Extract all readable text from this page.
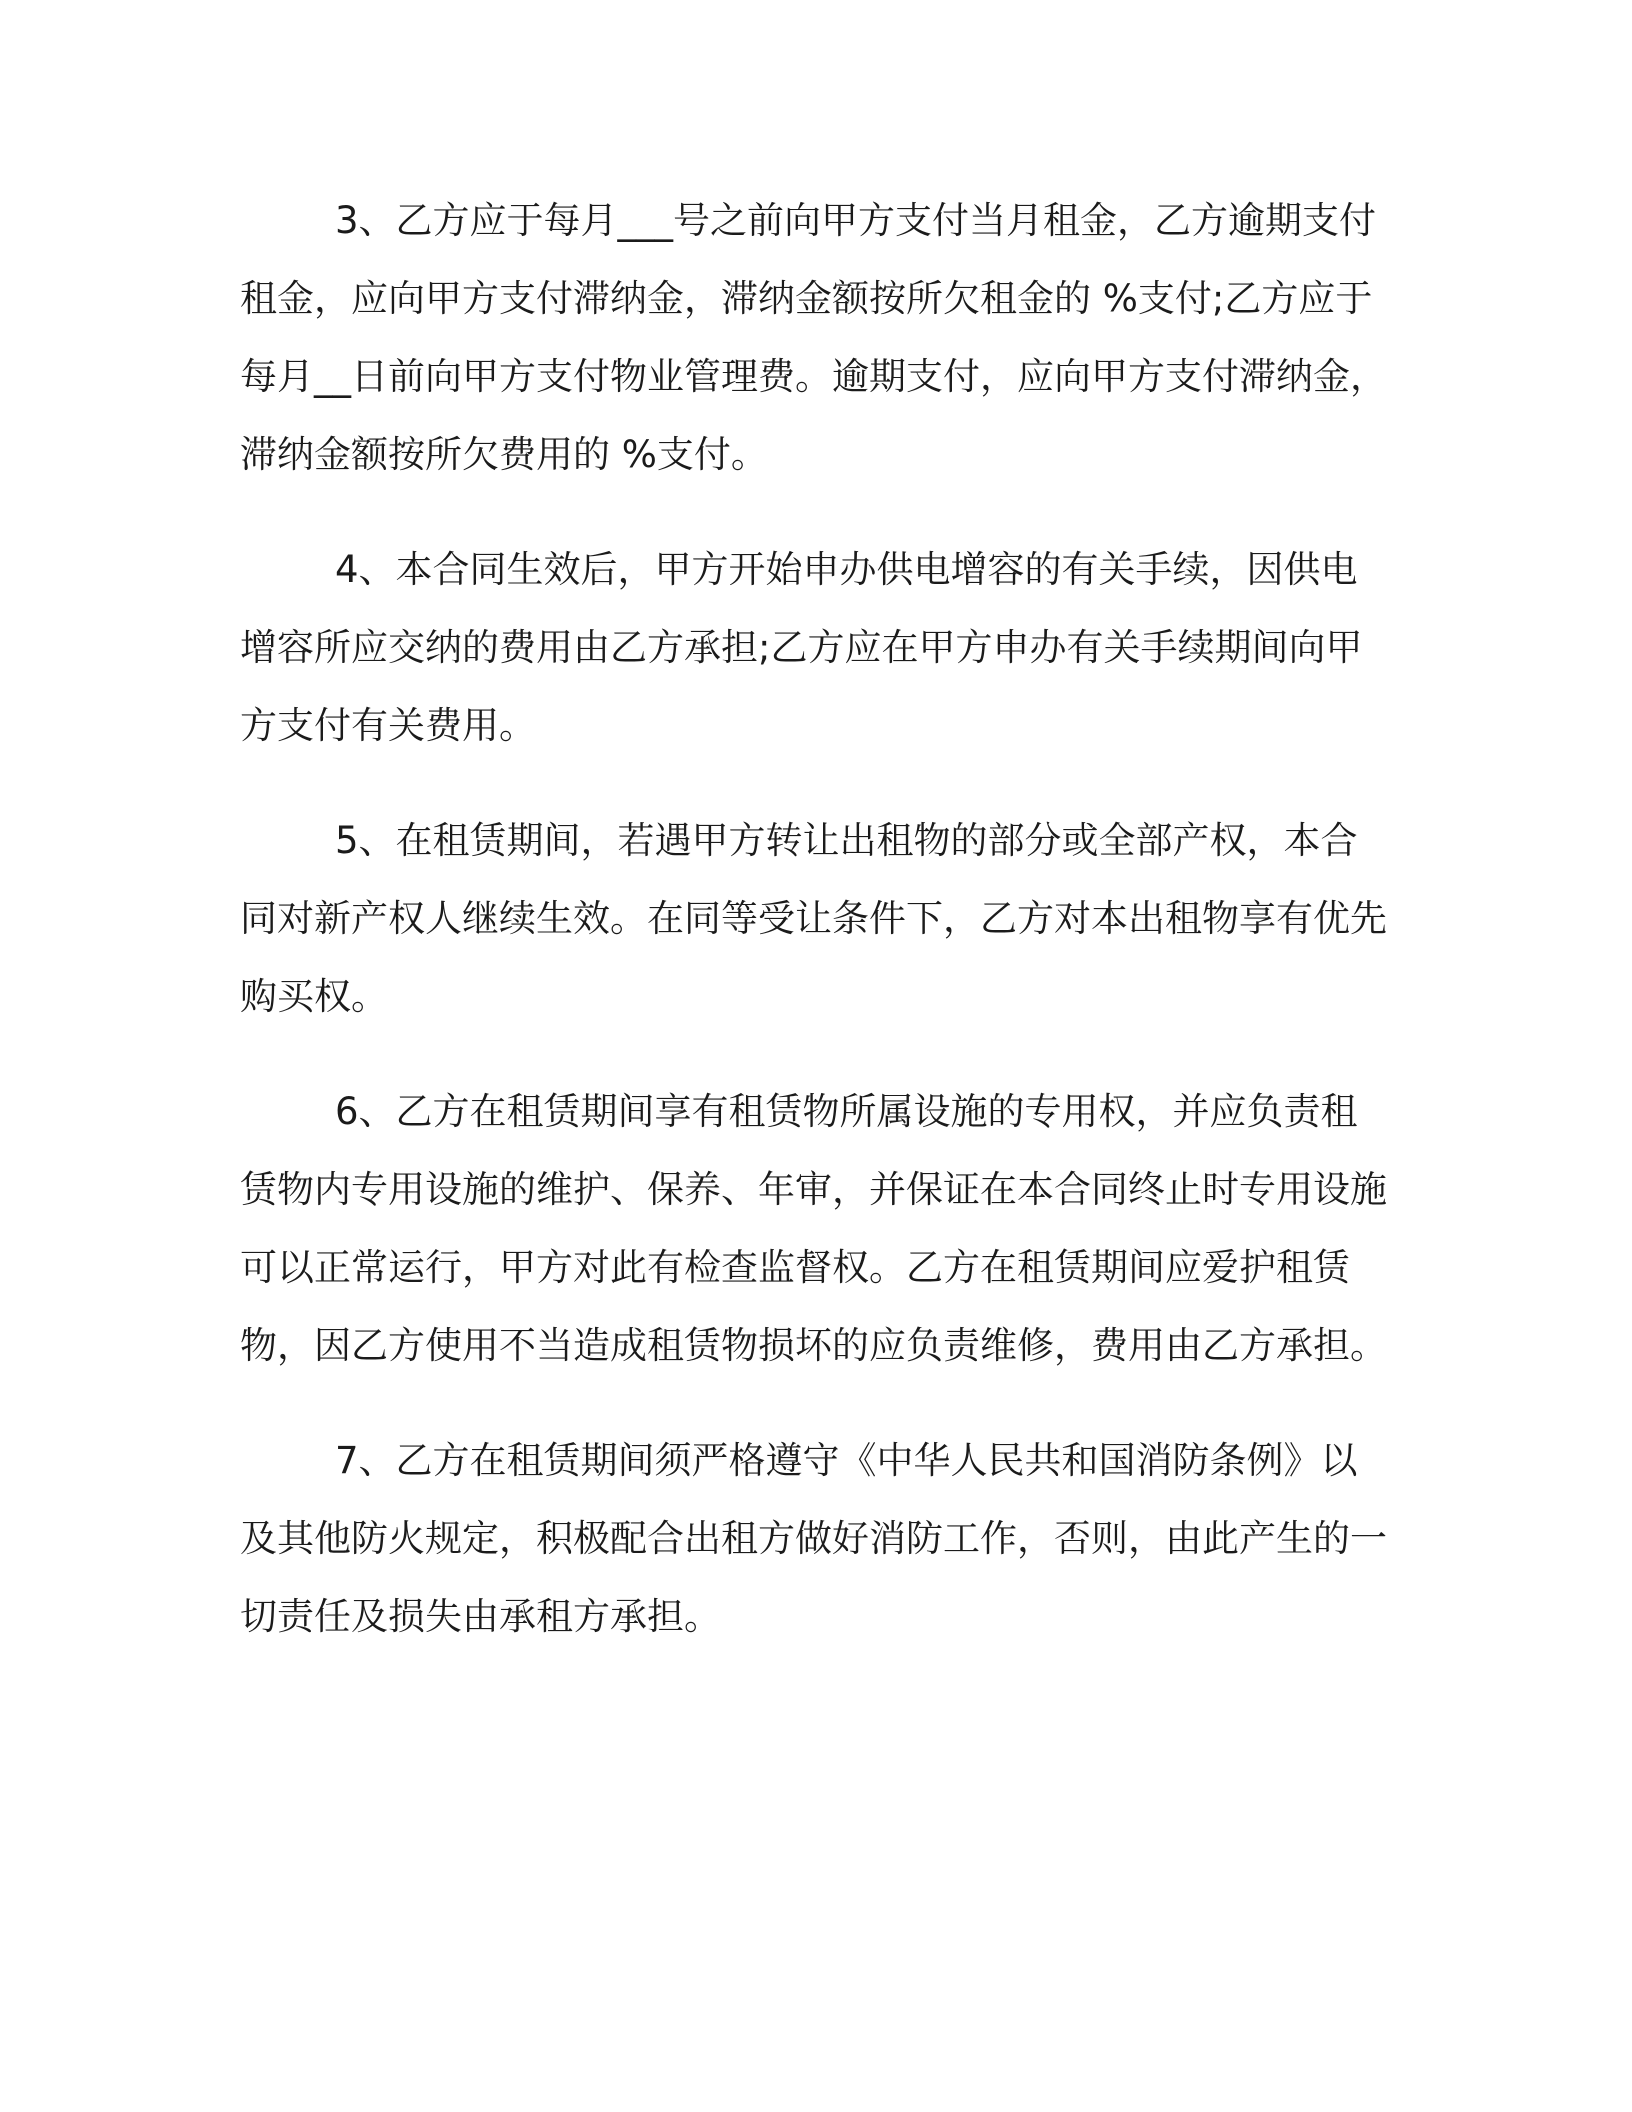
3、乙方应于每月___号之前向甲方支付当月租金，乙方逾期支付租金，应向甲方支付滞纳金，滞纳金额按所欠租金的 %支付;乙方应于每月__日前向甲方支付物业管理费。逾期支付，应向甲方支付滞纳金，滞纳金额按所欠费用的 %支付。

4、本合同生效后，甲方开始申办供电增容的有关手续，因供电增容所应交纳的费用由乙方承担;乙方应在甲方申办有关手续期间向甲方支付有关费用。

5、在租赁期间，若遇甲方转让出租物的部分或全部产权，本合同对新产权人继续生效。在同等受让条件下，乙方对本出租物享有优先购买权。

6、乙方在租赁期间享有租赁物所属设施的专用权，并应负责租赁物内专用设施的维护、保养、年审，并保证在本合同终止时专用设施可以正常运行，甲方对此有检查监督权。乙方在租赁期间应爱护租赁物，因乙方使用不当造成租赁物损坏的应负责维修，费用由乙方承担。

7、乙方在租赁期间须严格遵守《中华人民共和国消防条例》以及其他防火规定，积极配合出租方做好消防工作，否则，由此产生的一切责任及损失由承租方承担。
